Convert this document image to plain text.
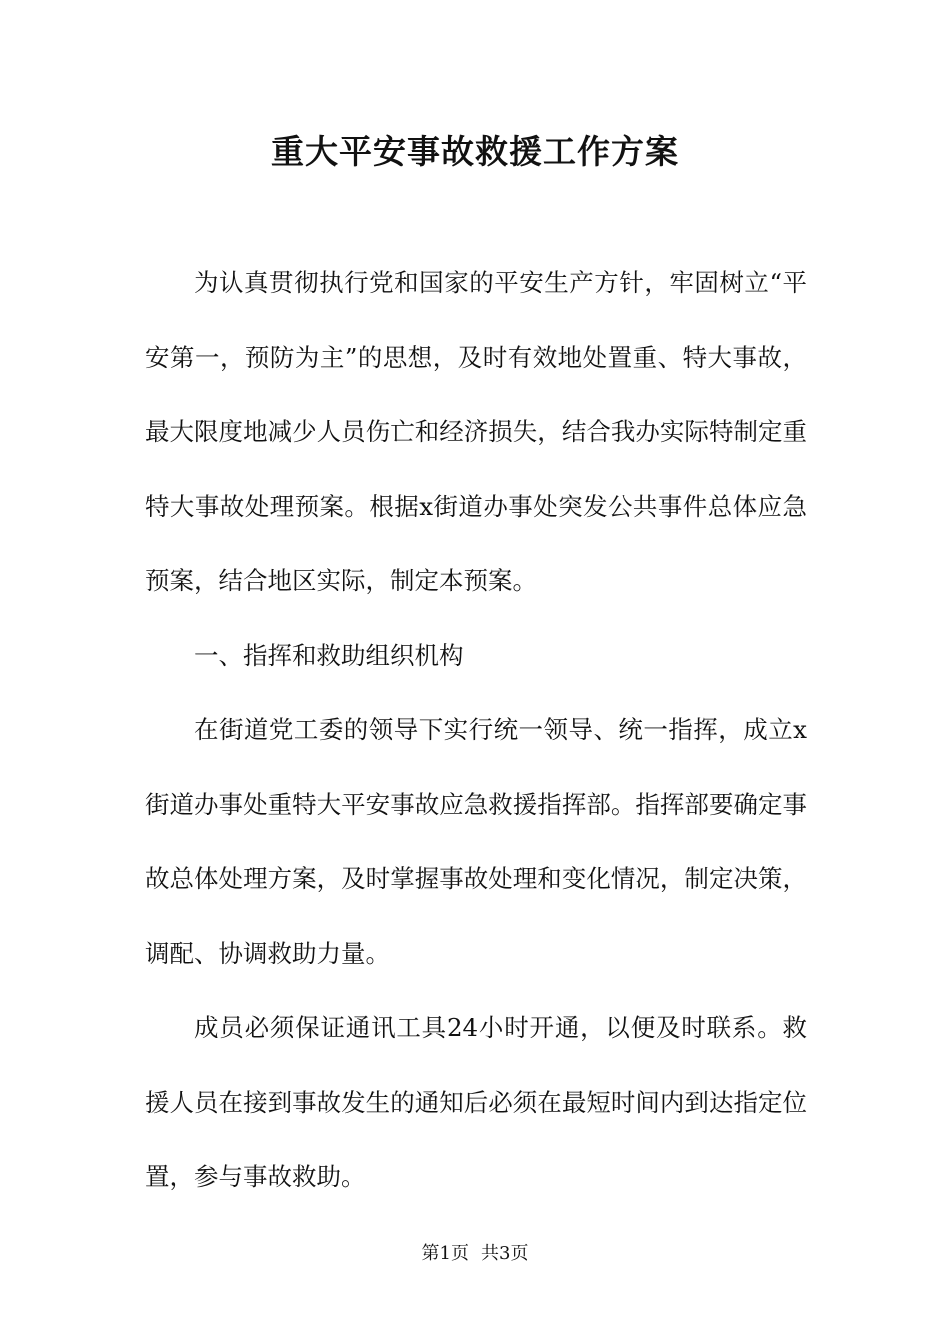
重大平安事故救援工作方案

为认真贯彻执行党和国家的平安生产方针，牢固树立“平安第一，预防为主”的思想，及时有效地处置重、特大事故，最大限度地减少人员伤亡和经济损失，结合我办实际特制定重特大事故处理预案。根据x街道办事处突发公共事件总体应急预案，结合地区实际，制定本预案。

一、指挥和救助组织机构

在街道党工委的领导下实行统一领导、统一指挥，成立x街道办事处重特大平安事故应急救援指挥部。指挥部要确定事故总体处理方案，及时掌握事故处理和变化情况，制定决策，调配、协调救助力量。

成员必须保证通讯工具24小时开通，以便及时联系。救援人员在接到事故发生的通知后必须在最短时间内到达指定位置，参与事故救助。

第1页 共3页
